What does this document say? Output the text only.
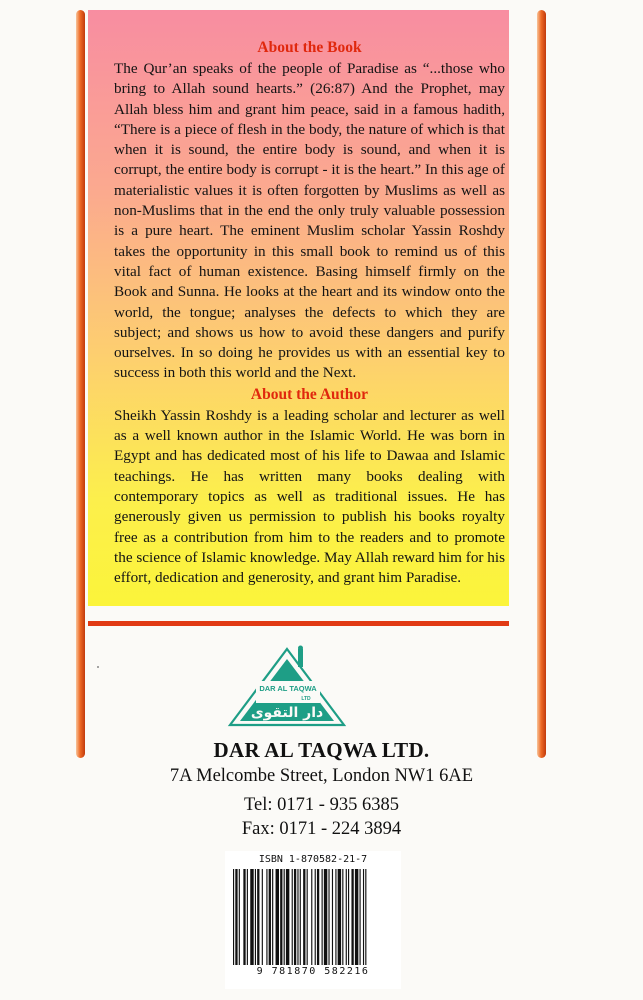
About the Book

The Qur’an speaks of the people of Paradise as “...those who bring to Allah sound hearts.” (26:87) And the Prophet, may Allah bless him and grant him peace, said in a famous hadith, “There is a piece of flesh in the body, the nature of which is that when it is sound, the entire body is sound, and when it is corrupt, the entire body is corrupt - it is the heart.” In this age of materialistic values it is often forgotten by Muslims as well as non-Muslims that in the end the only truly valuable possession is a pure heart. The eminent Muslim scholar Yassin Roshdy takes the opportunity in this small book to remind us of this vital fact of human existence. Basing himself firmly on the Book and Sunna. He looks at the heart and its window onto the world, the tongue; analyses the defects to which they are subject; and shows us how to avoid these dangers and purify ourselves. In so doing he provides us with an essential key to success in both this world and the Next.

About the Author

Sheikh Yassin Roshdy is a leading scholar and lecturer as well as a well known author in the Islamic World. He was born in Egypt and has dedicated most of his life to Dawaa and Islamic teachings. He has written many books dealing with contemporary topics as well as traditional issues. He has generously given us permission to publish his books royalty free as a contribution from him to the readers and to promote the science of Islamic knowledge. May Allah reward him for his effort, dedication and generosity, and grant him Paradise.

DAR AL TAQWA
LTD
دار التقوى
DAR AL TAQWA LTD.
7A Melcombe Street, London NW1 6AE
Tel: 0171 - 935 6385
Fax: 0171 - 224 3894
ISBN 1-870582-21-7
9 781870 582216
